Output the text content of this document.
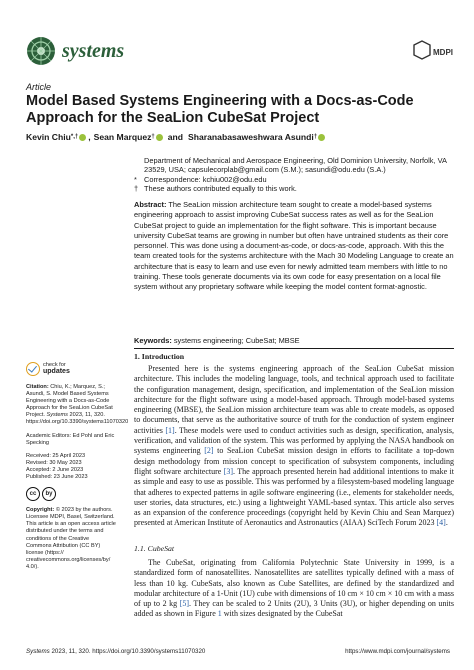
systems	MDPI
Article
Model Based Systems Engineering with a Docs-as-Code Approach for the SeaLion CubeSat Project
Kevin Chiu *,† , Sean Marquez † and Sharanabasaweshwara Asundi †
Department of Mechanical and Aerospace Engineering, Old Dominion University, Norfolk, VA 23529, USA; capsulecorplab@gmail.com (S.M.); sasundi@odu.edu (S.A.)
* Correspondence: kchiu002@odu.edu
† These authors contributed equally to this work.
Abstract: The SeaLion mission architecture team sought to create a model-based systems engineering approach to assist improving CubeSat success rates as well as for the SeaLion CubeSat project to guide an implementation for the flight software. This is important because university CubeSat teams are growing in number but often have untrained students as their core personnel. This was done using a document-as-code, or docs-as-code, approach. With this the team created tools for the systems architecture with the Mach 30 Modeling Language to create an architecture that is easy to learn and use even for newly admitted team members with little to no training. These tools generate documents via its own code for easy presentation on a local file system without any proprietary software while keeping the model content format-agnostic.
Keywords: systems engineering; CubeSat; MBSE
check for
updates
Citation: Chiu, K.; Marquez, S.; Asundi, S. Model Based Systems Engineering with a Docs-as-Code Approach for the SeaLion CubeSat Project. Systems 2023, 11, 320. https://doi.org/10.3390/systems11070320
Academic Editors: Ed Pohl and Eric Specking
Received: 25 April 2023
Revised: 30 May 2023
Accepted: 2 June 2023
Published: 23 June 2023
cc	by
Copyright: © 2023 by the authors. Licensee MDPI, Basel, Switzerland. This article is an open access article distributed under the terms and conditions of the Creative Commons Attribution (CC BY) license (https:// creativecommons.org/licenses/by/ 4.0/).
1. Introduction

Presented here is the systems engineering approach of the SeaLion CubeSat mission architecture. This includes the modeling language, tools, and technical approach used to facilitate the configuration management, design, specification, and implementation of the SeaLion mission architecture for the flight software using a model-based approach. Through model-based systems engineering (MBSE), the SeaLion mission architecture team was able to create models, as opposed to documents, that serve as the authoritative source of truth for the conduction of system engineer activities [1]. These models were used to conduct activities such as design, specification, analysis, verification, and validation of the system. This was performed by applying the NASA handbook on systems engineering [2] to SeaLion CubeSat mission design in efforts to facilitate a top-down design methodology from mission concept to specification of subsystem components, including flight software architecture [3]. The approach presented herein had additional intentions to make it as simple and easy to use as possible. This was performed by a filesystem-based modeling language that adheres to expected patterns in agile software engineering (i.e., elements for stakeholder needs, user stories, data structures, etc.) using a lightweight YAML-based syntax. This article also serves as an expansion of the conference proceedings (copyright held by Kevin Chiu and Sean Marquez) presented at American Institute of Aeronautics and Astronautics (AIAA) SciTech Forum 2023 [4].

1.1. CubeSat

The CubeSat, originating from California Polytechnic State University in 1999, is a standardized form of nanosatellites. Nanosatellites are satellites typically defined with a mass of less than 10 kg. CubeSats, also known as Cube Satellites, are defined by the standardized and modular architecture of a 1-Unit (1U) cube with dimensions of 10 cm × 10 cm × 10 cm with a mass of up to 2 kg [5]. They can be scaled to 2 Units (2U), 3 Units (3U), or higher depending on units added as shown in Figure 1 with sizes designated by the CubeSat

Systems 2023, 11, 320. https://doi.org/10.3390/systems11070320	https://www.mdpi.com/journal/systems
